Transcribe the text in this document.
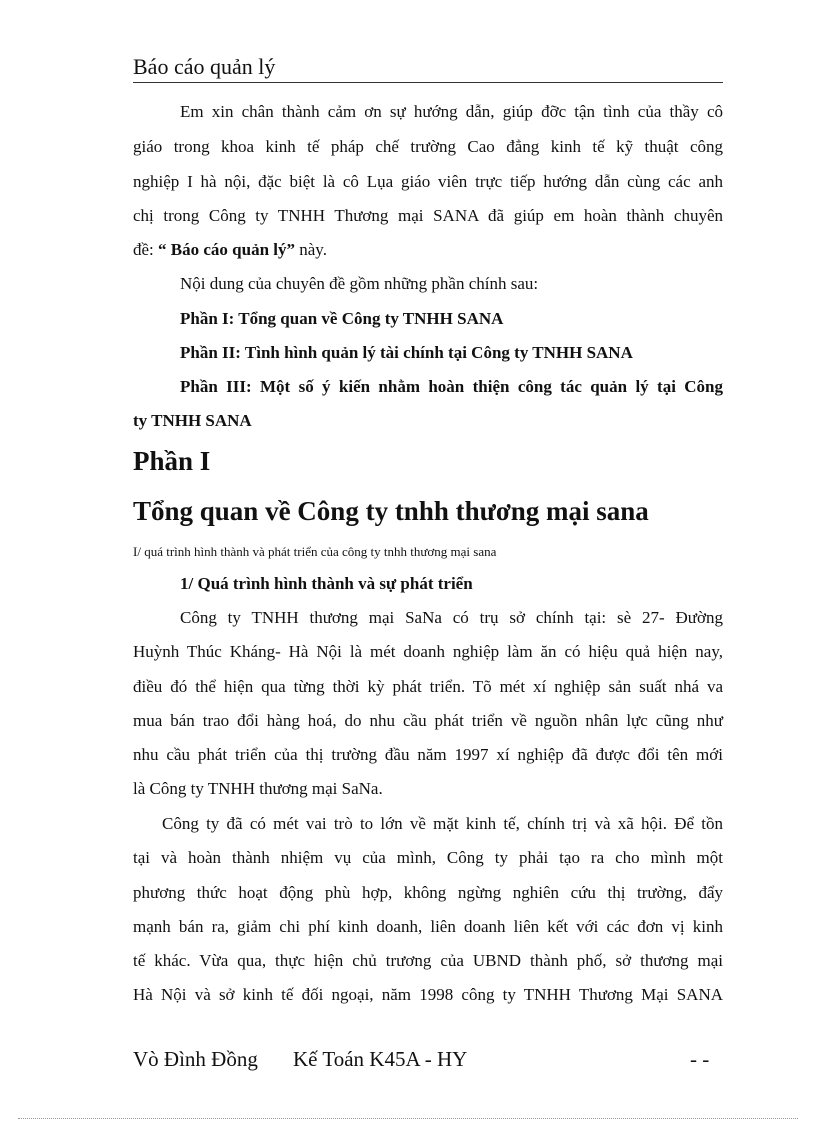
Báo cáo quản lý
Em xin chân thành cảm ơn sự hướng dẫn, giúp đỡc tận tình của thầy cô
giáo trong khoa kinh tế pháp chế trường Cao đẳng kinh tế kỹ thuật công
nghiệp I hà nội, đặc biệt là cô Lụa giáo viên trực tiếp hướng dẫn cùng các anh
chị trong Công ty TNHH Thương mại SANA đã giúp em hoàn thành chuyên
đề: “ Báo cáo quản lý” này.
Nội dung của chuyên đề gồm những phần chính sau:
Phần I: Tổng quan về Công ty TNHH SANA
Phần II: Tình hình quản lý tài chính tại Công ty TNHH SANA
Phần III: Một số ý kiến nhằm hoàn thiện công tác quản lý tại Công
ty TNHH SANA
Phần I
Tổng quan về Công ty tnhh thương mại sana
I/ quá trình hình thành và phát triển của công ty tnhh thương mại sana
1/ Quá trình hình thành và sự phát triển
Công ty TNHH thương mại SaNa có trụ sở chính tại: sè 27- Đường
Huỳnh Thúc Kháng- Hà Nội là mét doanh nghiệp làm ăn có hiệu quả hiện nay,
điều đó thể hiện qua từng thời kỳ phát triển. Tõ mét xí nghiệp sản suất nhá va
mua bán trao đổi hàng hoá, do nhu cầu phát triển về nguồn nhân lực cũng như
nhu cầu phát triển của thị trường đầu năm 1997 xí nghiệp đã được đổi tên mới
là Công ty TNHH thương mại SaNa.
Công ty đã có mét vai trò to lớn về mặt kinh tế, chính trị và xã hội. Để tồn
tại và hoàn thành nhiệm vụ của mình, Công ty phải tạo ra cho mình một
phương thức hoạt động phù hợp, không ngừng nghiên cứu thị trường, đẩy
mạnh bán ra, giảm chi phí kinh doanh, liên doanh liên kết với các đơn vị kinh
tế khác. Vừa qua, thực hiện chủ trương của UBND thành phố, sở thương mại
Hà Nội và sở kinh tế đối ngoại, năm 1998 công ty TNHH Thương Mại SANA
Vò Đình Đồng Kế Toán K45A - HY	- -
